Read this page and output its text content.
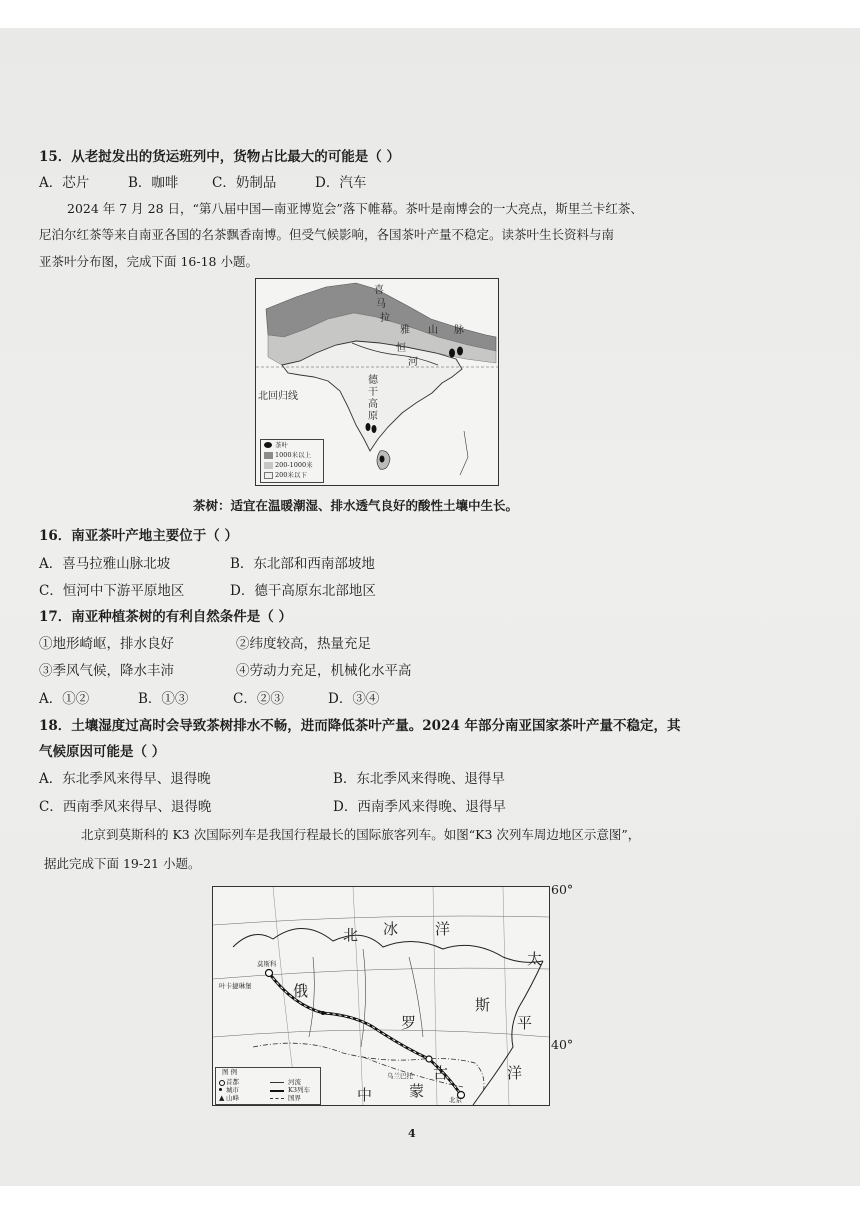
15．从老挝发出的货运班列中，货物占比最大的可能是（ ）
A．芯片	B．咖啡 C．奶制品	D．汽车
2024 年 7 月 28 日，“第八届中国—南亚博览会”落下帷幕。茶叶是南博会的一大亮点，斯里兰卡红茶、
尼泊尔红茶等来自南亚各国的名茶飘香南博。但受气候影响，各国茶叶产量不稳定。读茶叶生长资料与南
亚茶叶分布图，完成下面 16-18 小题。
喜
马
拉
雅 山 脉
恒
河
北回归线
德
干
高
原
茶叶
1000米以上
200-1000米
200米以下
茶树：适宜在温暖潮湿、排水透气良好的酸性土壤中生长。
16．南亚茶叶产地主要位于（ ）
A．喜马拉雅山脉北坡	B．东北部和西南部坡地
C．恒河中下游平原地区	D．德干高原东北部地区
17．南亚种植茶树的有利自然条件是（ ）
①地形崎岖，排水良好	②纬度较高，热量充足
③季风气候，降水丰沛	④劳动力充足，机械化水平高
A．①②	B．①③	C．②③	D．③④
18．土壤湿度过高时会导致茶树排水不畅，进而降低茶叶产量。2024 年部分南亚国家茶叶产量不稳定，其
气候原因可能是（ ）
A．东北季风来得早、退得晚	B．东北季风来得晚、退得早
C．西南季风来得早、退得晚	D．西南季风来得晚、退得早
北京到莫斯科的 K3 次国际列车是我国行程最长的国际旅客列车。如图“K3 次列车周边地区示意图”，
据此完成下面 19-21 小题。
北 冰 洋
太
斯
平
洋
俄
罗
古
蒙
中
乌兰巴托
北京
莫斯科
叶卡捷琳堡
图 例
首都
城市
▲ 山峰
河流
K3列车
国界
60°
40°
4
